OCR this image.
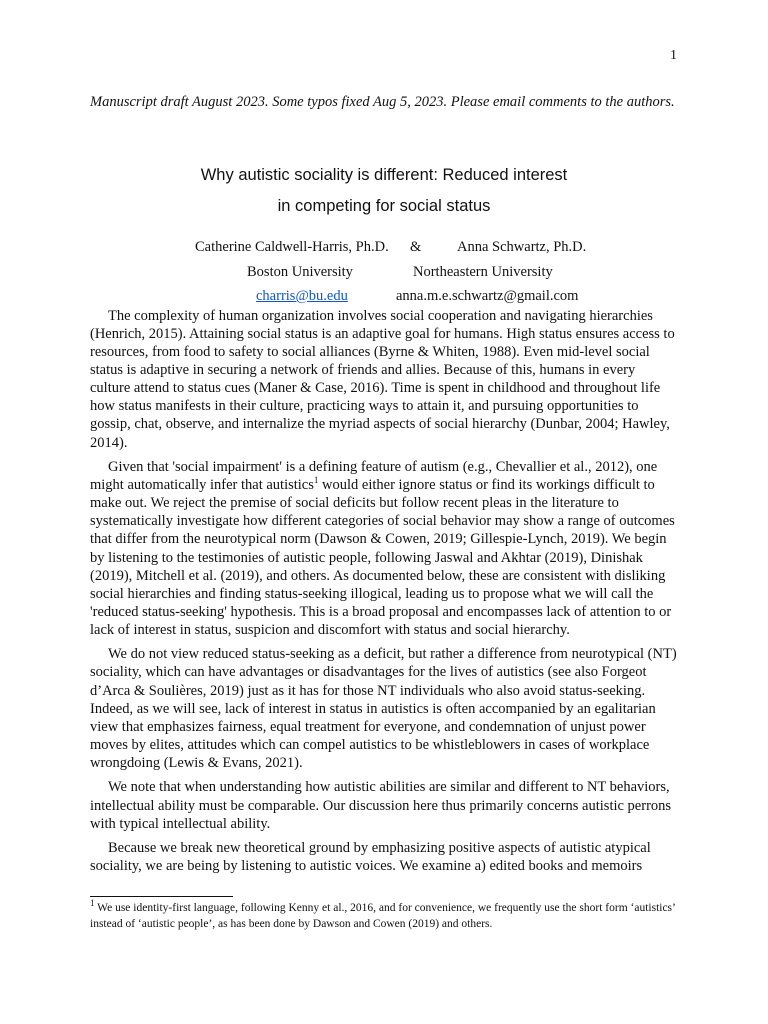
1
Manuscript draft August 2023. Some typos fixed Aug 5, 2023. Please email comments to the authors.
Why autistic sociality is different: Reduced interest
in competing for social status
Catherine Caldwell-Harris, Ph.D. & Anna Schwartz, Ph.D.
Boston University	Northeastern University
charris@bu.edu	anna.m.e.schwartz@gmail.com

The complexity of human organization involves social cooperation and navigating hierarchies (Henrich, 2015). Attaining social status is an adaptive goal for humans. High status ensures access to resources, from food to safety to social alliances (Byrne & Whiten, 1988). Even mid-level social status is adaptive in securing a network of friends and allies. Because of this, humans in every culture attend to status cues (Maner & Case, 2016). Time is spent in childhood and throughout life how status manifests in their culture, practicing ways to attain it, and pursuing opportunities to gossip, chat, observe, and internalize the myriad aspects of social hierarchy (Dunbar, 2004; Hawley, 2014).

Given that 'social impairment' is a defining feature of autism (e.g., Chevallier et al., 2012), one might automatically infer that autistics$^1$ would either ignore status or find its workings difficult to make out. We reject the premise of social deficits but follow recent pleas in the literature to systematically investigate how different categories of social behavior may show a range of outcomes that differ from the neurotypical norm (Dawson & Cowen, 2019; Gillespie-Lynch, 2019). We begin by listening to the testimonies of autistic people, following Jaswal and Akhtar (2019), Dinishak (2019), Mitchell et al. (2019), and others. As documented below, these are consistent with disliking social hierarchies and finding status-seeking illogical, leading us to propose what we will call the 'reduced status-seeking' hypothesis. This is a broad proposal and encompasses lack of attention to or lack of interest in status, suspicion and discomfort with status and social hierarchy.

We do not view reduced status-seeking as a deficit, but rather a difference from neurotypical (NT) sociality, which can have advantages or disadvantages for the lives of autistics (see also Forgeot d’Arca & Soulières, 2019) just as it has for those NT individuals who also avoid status-seeking. Indeed, as we will see, lack of interest in status in autistics is often accompanied by an egalitarian view that emphasizes fairness, equal treatment for everyone, and condemnation of unjust power moves by elites, attitudes which can compel autistics to be whistleblowers in cases of workplace wrongdoing (Lewis & Evans, 2021).

We note that when understanding how autistic abilities are similar and different to NT behaviors, intellectual ability must be comparable. Our discussion here thus primarily concerns autistic perrons with typical intellectual ability.

Because we break new theoretical ground by emphasizing positive aspects of autistic atypical sociality, we are being by listening to autistic voices. We examine a) edited books and memoirs

$^1$ We use identity-first language, following Kenny et al., 2016, and for convenience, we frequently use the short form ‘autistics’ instead of ‘autistic people’, as has been done by Dawson and Cowen (2019) and others.
